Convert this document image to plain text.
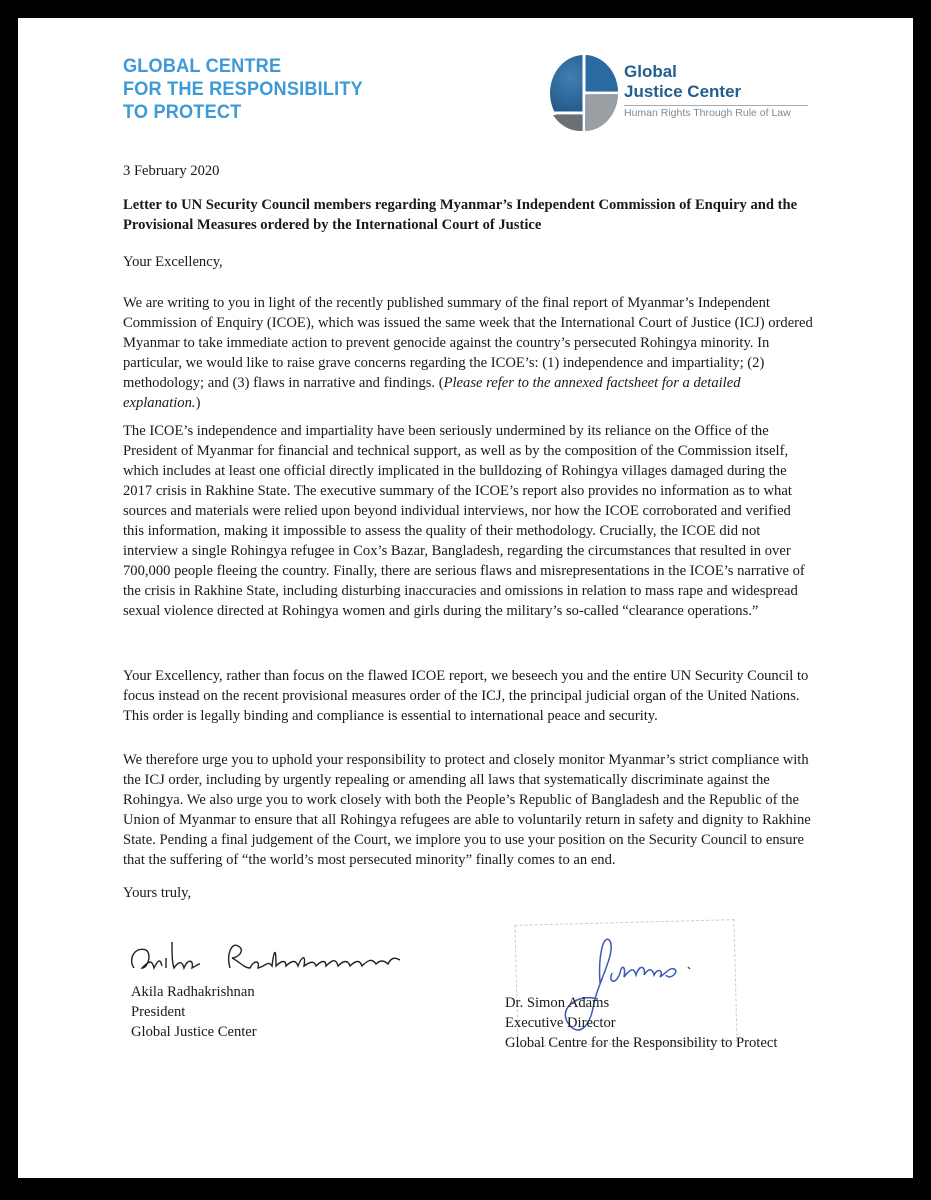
GLOBAL CENTRE
FOR THE RESPONSIBILITY
TO PROTECT
Global
Justice Center
Human Rights Through Rule of Law

3 February 2020

Letter to UN Security Council members regarding Myanmar’s Independent Commission of Enquiry and the Provisional Measures ordered by the International Court of Justice

Your Excellency,

We are writing to you in light of the recently published summary of the final report of Myanmar’s Independent Commission of Enquiry (ICOE), which was issued the same week that the International Court of Justice (ICJ) ordered Myanmar to take immediate action to prevent genocide against the country’s persecuted Rohingya minority. In particular, we would like to raise grave concerns regarding the ICOE’s: (1) independence and impartiality; (2) methodology; and (3) flaws in narrative and findings. (Please refer to the annexed factsheet for a detailed explanation.)

The ICOE’s independence and impartiality have been seriously undermined by its reliance on the Office of the President of Myanmar for financial and technical support, as well as by the composition of the Commission itself, which includes at least one official directly implicated in the bulldozing of Rohingya villages damaged during the 2017 crisis in Rakhine State. The executive summary of the ICOE’s report also provides no information as to what sources and materials were relied upon beyond individual interviews, nor how the ICOE corroborated and verified this information, making it impossible to assess the quality of their methodology. Crucially, the ICOE did not interview a single Rohingya refugee in Cox’s Bazar, Bangladesh, regarding the circumstances that resulted in over 700,000 people fleeing the country. Finally, there are serious flaws and misrepresentations in the ICOE’s narrative of the crisis in Rakhine State, including disturbing inaccuracies and omissions in relation to mass rape and widespread sexual violence directed at Rohingya women and girls during the military’s so-called “clearance operations.”

Your Excellency, rather than focus on the flawed ICOE report, we beseech you and the entire UN Security Council to focus instead on the recent provisional measures order of the ICJ, the principal judicial organ of the United Nations. This order is legally binding and compliance is essential to international peace and security.

We therefore urge you to uphold your responsibility to protect and closely monitor Myanmar’s strict compliance with the ICJ order, including by urgently repealing or amending all laws that systematically discriminate against the Rohingya. We also urge you to work closely with both the People’s Republic of Bangladesh and the Republic of the Union of Myanmar to ensure that all Rohingya refugees are able to voluntarily return in safety and dignity to Rakhine State. Pending a final judgement of the Court, we implore you to use your position on the Security Council to ensure that the suffering of “the world’s most persecuted minority” finally comes to an end.

Yours truly,

Akila Radhakrishnan
President
Global Justice Center
Dr. Simon Adams
Executive Director
Global Centre for the Responsibility to Protect
